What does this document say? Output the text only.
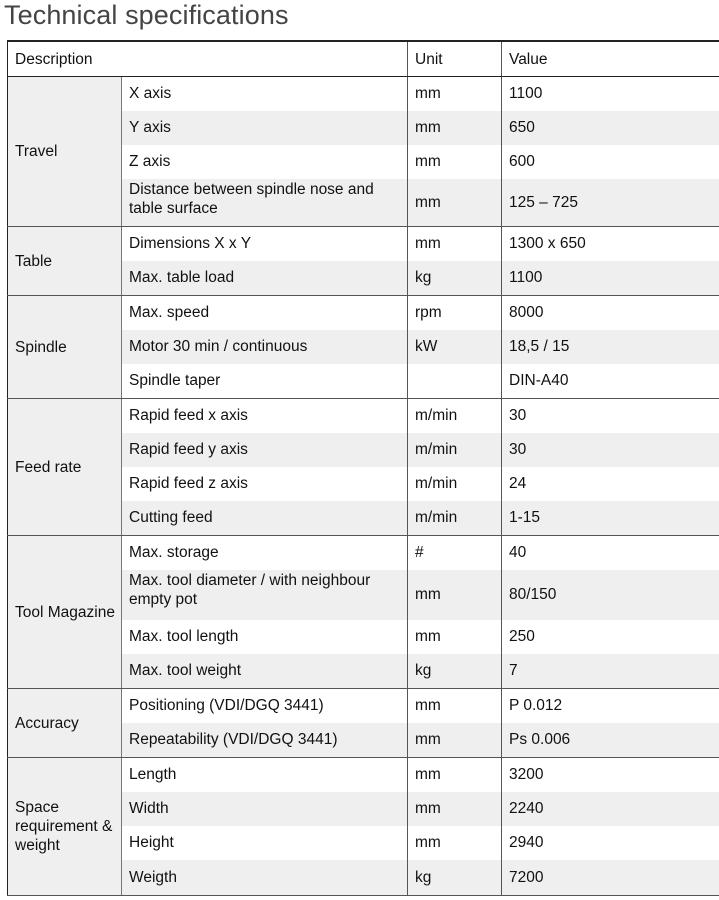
Technical specifications
Description		Unit	Value
Travel	X axis	mm	1100
	Y axis	mm	650
	Z axis	mm	600
	Distance between spindle nose and table surface	mm	125 – 725
Table	Dimensions X x Y	mm	1300 x 650
	Max. table load	kg	1100
Spindle	Max. speed	rpm	8000
	Motor 30 min / continuous	kW	18,5 / 15
	Spindle taper		DIN-A40
Feed rate	Rapid feed x axis	m/min	30
	Rapid feed y axis	m/min	30
	Rapid feed z axis	m/min	24
	Cutting feed	m/min	1-15
Tool Magazine	Max. storage	#	40
	Max. tool diameter / with neighbour empty pot	mm	80/150
	Max. tool length	mm	250
	Max. tool weight	kg	7
Accuracy	Positioning (VDI/DGQ 3441)	mm	P 0.012
	Repeatability (VDI/DGQ 3441)	mm	Ps 0.006
Space requirement & weight	Length	mm	3200
	Width	mm	2240
	Height	mm	2940
	Weigth	kg	7200
